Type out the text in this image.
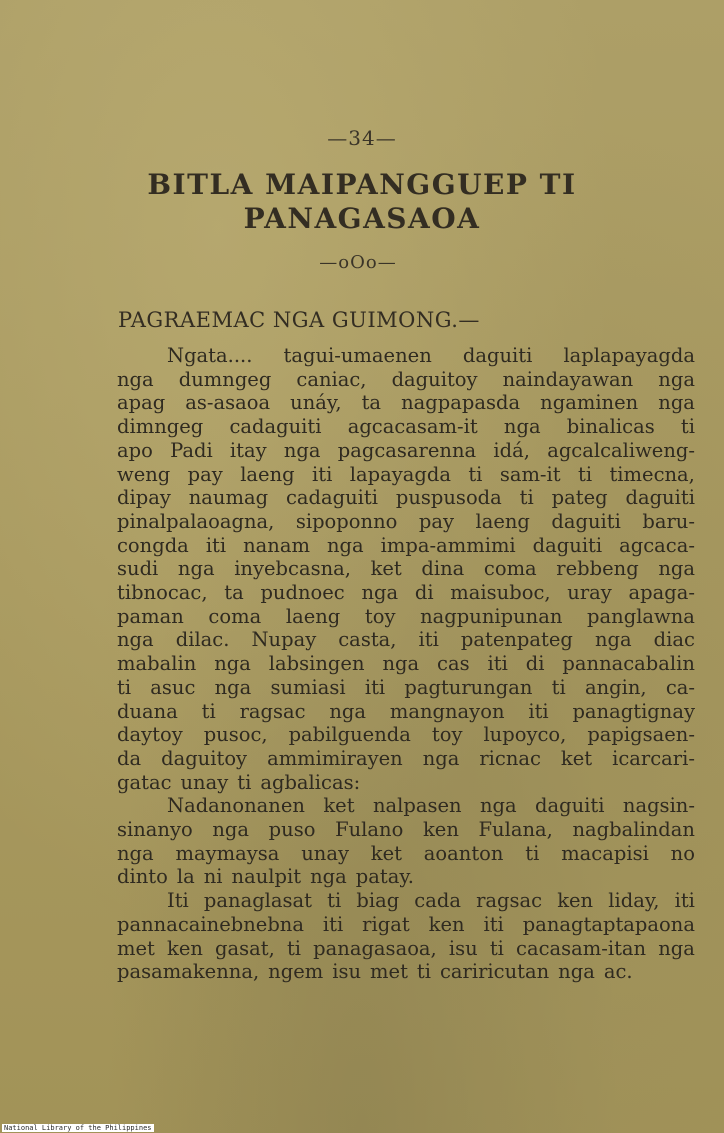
—34—
BITLA MAIPANGGUEP TI
PANAGASAOA
—oOo—
PAGRAEMAC NGA GUIMONG.—
Ngata.... tagui-umaenen daguiti laplapayagda
nga dumngeg caniac, daguitoy naindayawan nga
apag as-asaoa unáy, ta nagpapasda ngaminen nga
dimngeg cadaguiti agcacasam-it nga binalicas ti
apo Padi itay nga pagcasarenna idá, agcalcaliweng-
weng pay laeng iti lapayagda ti sam-it ti timecna,
dipay naumag cadaguiti puspusoda ti pateg daguiti
pinalpalaoagna, sipoponno pay laeng daguiti baru-
congda iti nanam nga impa-ammimi daguiti agcaca-
sudi nga inyebcasna, ket dina coma rebbeng nga
tibnocac, ta pudnoec nga di maisuboc, uray apaga-
paman coma laeng toy nagpunipunan panglawna
nga dilac. Nupay casta, iti patenpateg nga diac
mabalin nga labsingen nga cas iti di pannacabalin
ti asuc nga sumiasi iti pagturungan ti angin, ca-
duana ti ragsac nga mangnayon iti panagtignay
daytoy pusoc, pabilguenda toy lupoyco, papigsaen-
da daguitoy ammimirayen nga ricnac ket icarcari-
gatac unay ti agbalicas:
Nadanonanen ket nalpasen nga daguiti nagsin-
sinanyo nga puso Fulano ken Fulana, nagbalindan
nga maymaysa unay ket aoanton ti macapisi no
dinto la ni naulpit nga patay.
Iti panaglasat ti biag cada ragsac ken liday, iti
pannacainebnebna iti rigat ken iti panagtaptapaona
met ken gasat, ti panagasaoa, isu ti cacasam-itan nga
pasamakenna, ngem isu met ti cariricutan nga ac.
National Library of the Philippines
